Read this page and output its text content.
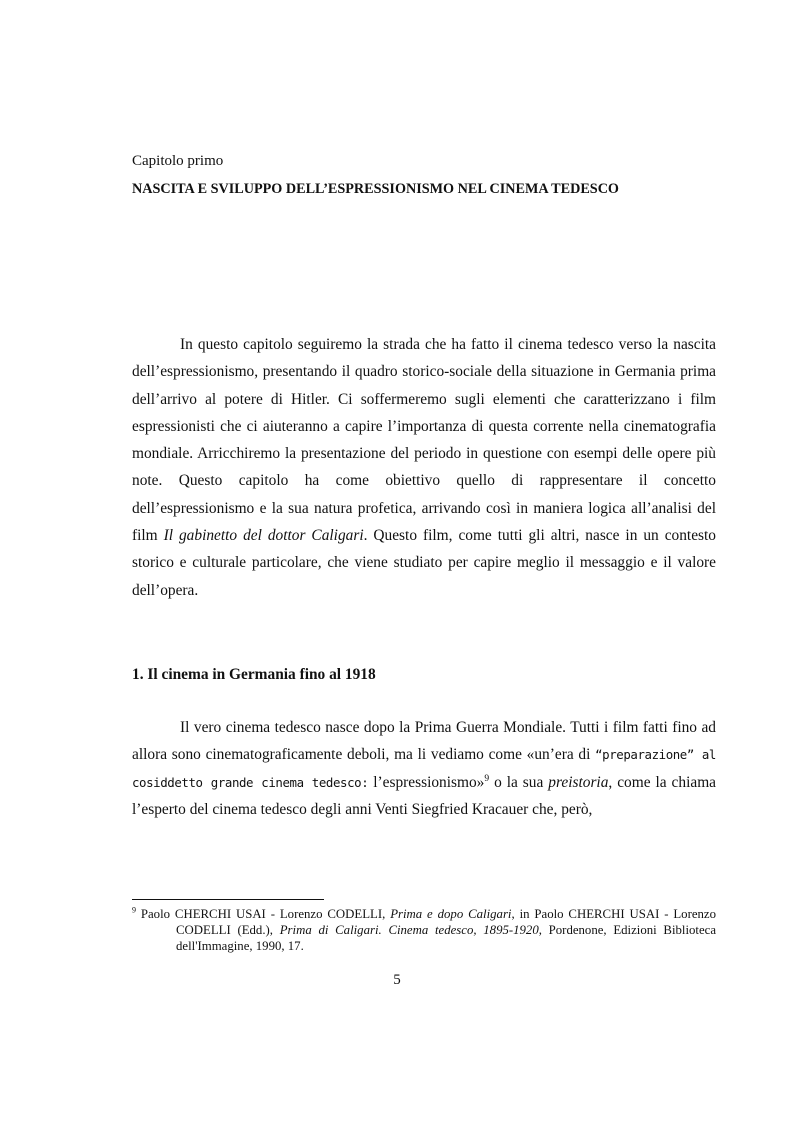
Capitolo primo
NASCITA E SVILUPPO DELL’ESPRESSIONISMO NEL CINEMA TEDESCO

In questo capitolo seguiremo la strada che ha fatto il cinema tedesco verso la nascita dell’espressionismo, presentando il quadro storico-sociale della situazione in Germania prima dell’arrivo al potere di Hitler. Ci soffermeremo sugli elementi che caratterizzano i film espressionisti che ci aiuteranno a capire l’importanza di questa corrente nella cinematografia mondiale. Arricchiremo la presentazione del periodo in questione con esempi delle opere più note. Questo capitolo ha come obiettivo quello di rappresentare il concetto dell’espressionismo e la sua natura profetica, arrivando così in maniera logica all’analisi del film Il gabinetto del dottor Caligari. Questo film, come tutti gli altri, nasce in un contesto storico e culturale particolare, che viene studiato per capire meglio il messaggio e il valore dell’opera.

1. Il cinema in Germania fino al 1918

Il vero cinema tedesco nasce dopo la Prima Guerra Mondiale. Tutti i film fatti fino ad allora sono cinematograficamente deboli, ma li vediamo come «un’era di “preparazione” al cosiddetto grande cinema tedesco: l’espressionismo»$^9$ o la sua preistoria, come la chiama l’esperto del cinema tedesco degli anni Venti Siegfried Kracauer che, però,

$^9$ Paolo CHERCHI USAI - Lorenzo CODELLI, Prima e dopo Caligari, in Paolo CHERCHI USAI - Lorenzo CODELLI (Edd.), Prima di Caligari. Cinema tedesco, 1895-1920, Pordenone, Edizioni Biblioteca dell'Immagine, 1990, 17.
5
